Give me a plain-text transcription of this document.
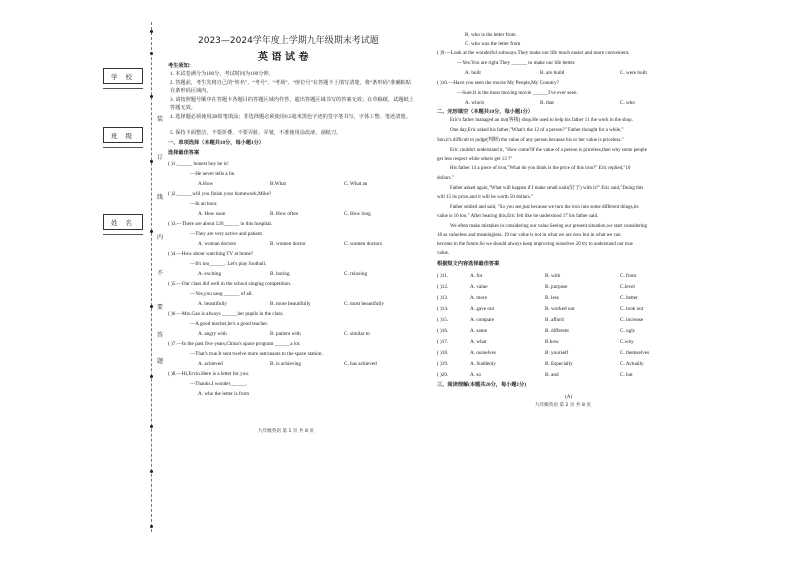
装
订
线
内
不
要
答
题
学 校
班 级
姓 名
2023—2024学年度上学期九年级期末考试题
英 语 试 卷
考生须知：
1. 本试卷满分为100分，考试时间为100分钟。
2. 答题前，考生先将自己的“姓名”、“考号”、“考场”、“座位号”在答题卡上填写清楚，将“条形码”准确粘贴在条形码区域内。
3. 请按照题号顺序在答题卡各题目的答题区域内作答，超出答题区域书写的答案无效；在草稿纸、试题纸上答题无效。
4. 选择题必须使用2B铅笔填涂；非选择题必须使用0.5毫米黑色字迹的签字笔书写，字体工整、笔迹清楚。
5. 保持卡面整洁，不要折叠、不要弄脏、弄皱，不准使用涂改液、刮纸刀。
一、单项选择（本题共10分，每小题1分）
选择最佳答案
( )1.______ honest boy he is!
—He never tells a lie.
A.How	B.What	C. What an
( )2.______will you finish your homework,Mike?
—In an hour.
A. How soon	B. How often	C. How long
( )3.—There are about 120______ in this hospital.
—They are very active and patient.
A. woman doctors	B. women doctor	C. women doctors
( )4.—How about watching TV at home?
—It's too______. Let's play football.
A. exciting	B. boring	C. relaxing
( )5.—Our class did well in the school singing competition.
—Yes,you sang ______ of all.
A. beautifully	B. more beautifully	C. most beautifully
( )6.—Mrs.Gao is always ______her pupils in the class.
—A good teacher,he's a good teacher.
A. angry with	B. patient with	C. similar to
( )7.—In the past five years,China's space program ______a lot.
—That's true.It sent twelve more astronauts to the space station.
A. achieved	B. is achieving	C. has achieved
( )8.—Hi,Ervin.Here is a letter for you.
—Thanks.I wonder______.
A. who the letter is from
九年级英语 第 1 页 共 8 页
B. who is the letter from
C. who was the letter from
( )9.—Look at the wonderful subways.They make our life much easier and more convenient.
—Yes.You are right.They ______ to make our life better.
A. built	B. are build	C. were built
( )10.—Have you seen the movie My People,My Country?
—Sure.It is the most moving movie ______I've ever seen.
A. which	B. that	C. who
二、完形填空（本题共10分，每小题1分）
Eric's father managed an inn(客栈) shop.He used to help his father 11 the work in the shop.
One day,Eric asked his father,"What's the 12 of a person?" Father thought for a while,"
Son,it's difficult to judge(判断) the value of any person because his or her value is priceless."
Eric couldn't understand it, "How come?If the value of a person is priceless,then why some people
get less respect while others get 13 ?"
His father 14 a piece of iron,"What do you think is the price of this iron?" Eric replied,"10
dollars."
Father asked again,"What will happen if I make small nails(钉子) with it?" Eric said,"Doing this
will 15 its price,and it will be worth 50 dollars."
Father smiled and said, "So you see,just because we turn the iron into some different things,its
value is 16 too." After hearing this,Eric felt like he understood 17 his father said.
We often make mistakes in considering our value.Seeing our present situation,we start considering
18 as valueless and meaningless. 19 our value is not in what we are now but in what we can
become in the future.So we should always keep improving ourselves 20 try to understand our true
value.
根据短文内容选择最佳答案
( )11.	A. for	B. with	C. from
( )12.	A. value	B. purpose	C.level
( )13.	A. more	B. less	C. better
( )14.	A. gave out	B. worked out	C. took out
( )15.	A. compare	B. afford	C. increase
( )16.	A. same	B. different	C. ugly
( )17.	A. what	B.how	C.why
( )18.	A. ourselves	B. yourself	C. themselves
( )19.	A. Suddenly	B. Especially	C. Actually
( )20.	A. so	B. and	C. but
三、阅读理解(本题共20分，每小题1分)
(A)
九年级英语 第 2 页 共 8 页
